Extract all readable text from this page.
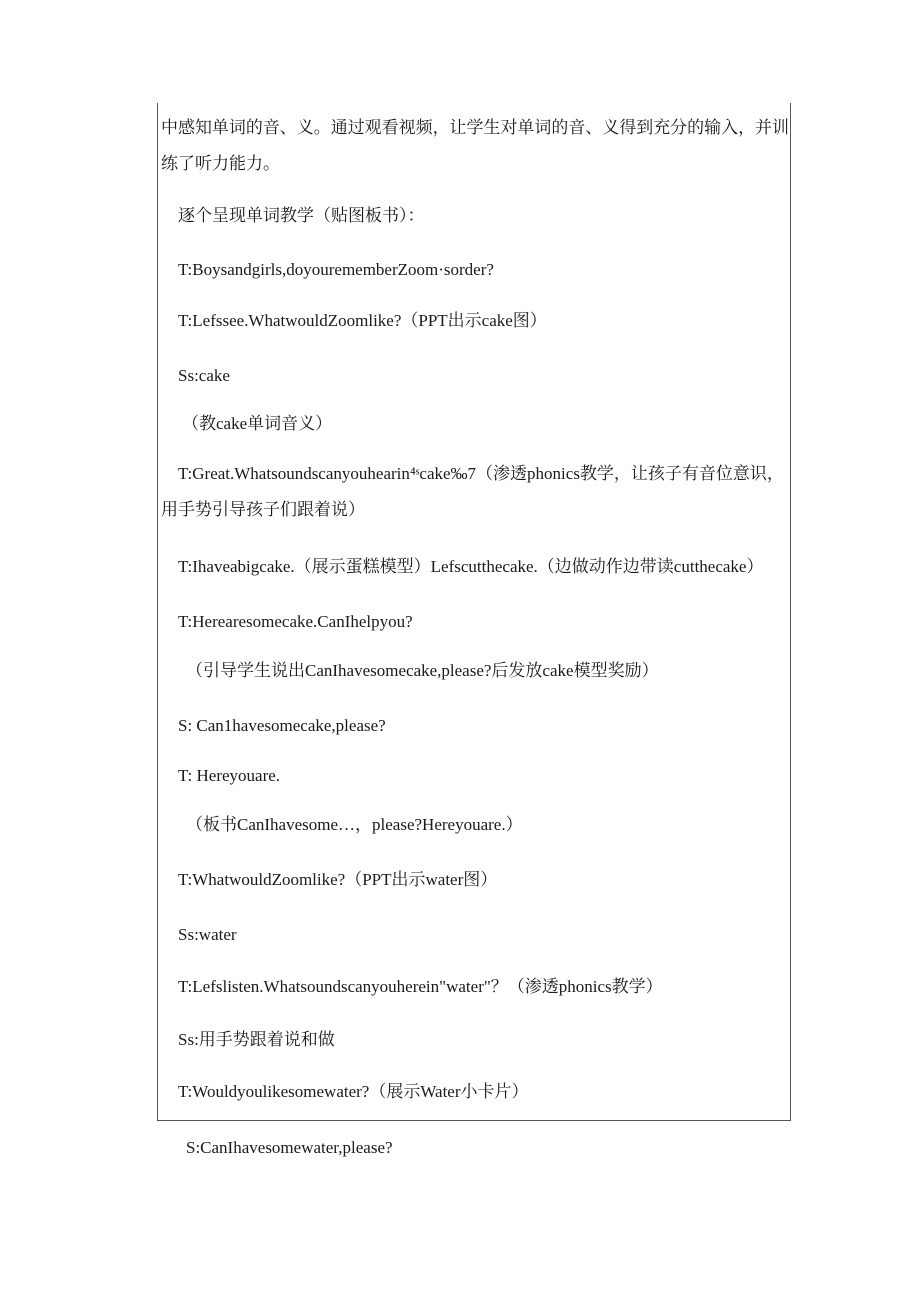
中感知单词的音、义。通过观看视频，让学生对单词的音、义得到充分的输入，并训
练了听力能力。
逐个呈现单词教学（贴图板书）：
T:Boysandgirls,doyourememberZoom·sorder?
T:Lefssee.WhatwouldZoomlike?（PPT出示cake图）
Ss:cake
（教cake单词音义）
T:Great.Whatsoundscanyouhearin⁴ˢcake‰7（渗透phonics教学，让孩子有音位意识，
用手势引导孩子们跟着说）
T:Ihaveabigcake.（展示蛋糕模型）Lefscutthecake.（边做动作边带读cutthecake）
T:Herearesomecake.CanIhelpyou?
（引导学生说出CanIhavesomecake,please?后发放cake模型奖励）
S: Can1havesomecake,please?
T: Hereyouare.
（板书CanIhavesome…，please?Hereyouare.）
T:WhatwouldZoomlike?（PPT出示water图）
Ss:water
T:Lefslisten.Whatsoundscanyouherein"water"？（渗透phonics教学）
Ss:用手势跟着说和做
T:Wouldyoulikesomewater?（展示Water小卡片）
S:CanIhavesomewater,please?
